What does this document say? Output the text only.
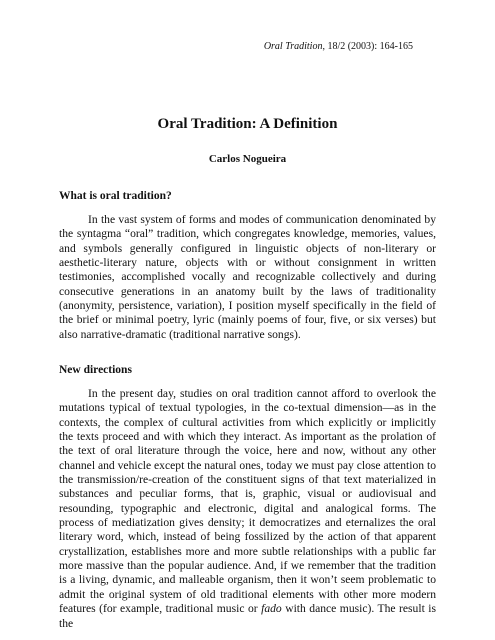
Oral Tradition, 18/2 (2003): 164-165
Oral Tradition: A Definition

Carlos Nogueira

What is oral tradition?

In the vast system of forms and modes of communication denominated by the syntagma “oral” tradition, which congregates knowledge, memories, values, and symbols generally configured in linguistic objects of non-literary or aesthetic-literary nature, objects with or without consignment in written testimonies, accomplished vocally and recognizable collectively and during consecutive generations in an anatomy built by the laws of traditionality (anonymity, persistence, variation), I position myself specifically in the field of the brief or minimal poetry, lyric (mainly poems of four, five, or six verses) but also narrative-dramatic (traditional narrative songs).

New directions

In the present day, studies on oral tradition cannot afford to overlook the mutations typical of textual typologies, in the co-textual dimension—as in the contexts, the complex of cultural activities from which explicitly or implicitly the texts proceed and with which they interact. As important as the prolation of the text of oral literature through the voice, here and now, without any other channel and vehicle except the natural ones, today we must pay close attention to the transmission/re-creation of the constituent signs of that text materialized in substances and peculiar forms, that is, graphic, visual or audiovisual and resounding, typographic and electronic, digital and analogical forms. The process of mediatization gives density; it democratizes and eternalizes the oral literary word, which, instead of being fossilized by the action of that apparent crystallization, establishes more and more subtle relationships with a public far more massive than the popular audience. And, if we remember that the tradition is a living, dynamic, and malleable organism, then it won’t seem problematic to admit the original system of old traditional elements with other more modern features (for example, traditional music or fado with dance music). The result is the
